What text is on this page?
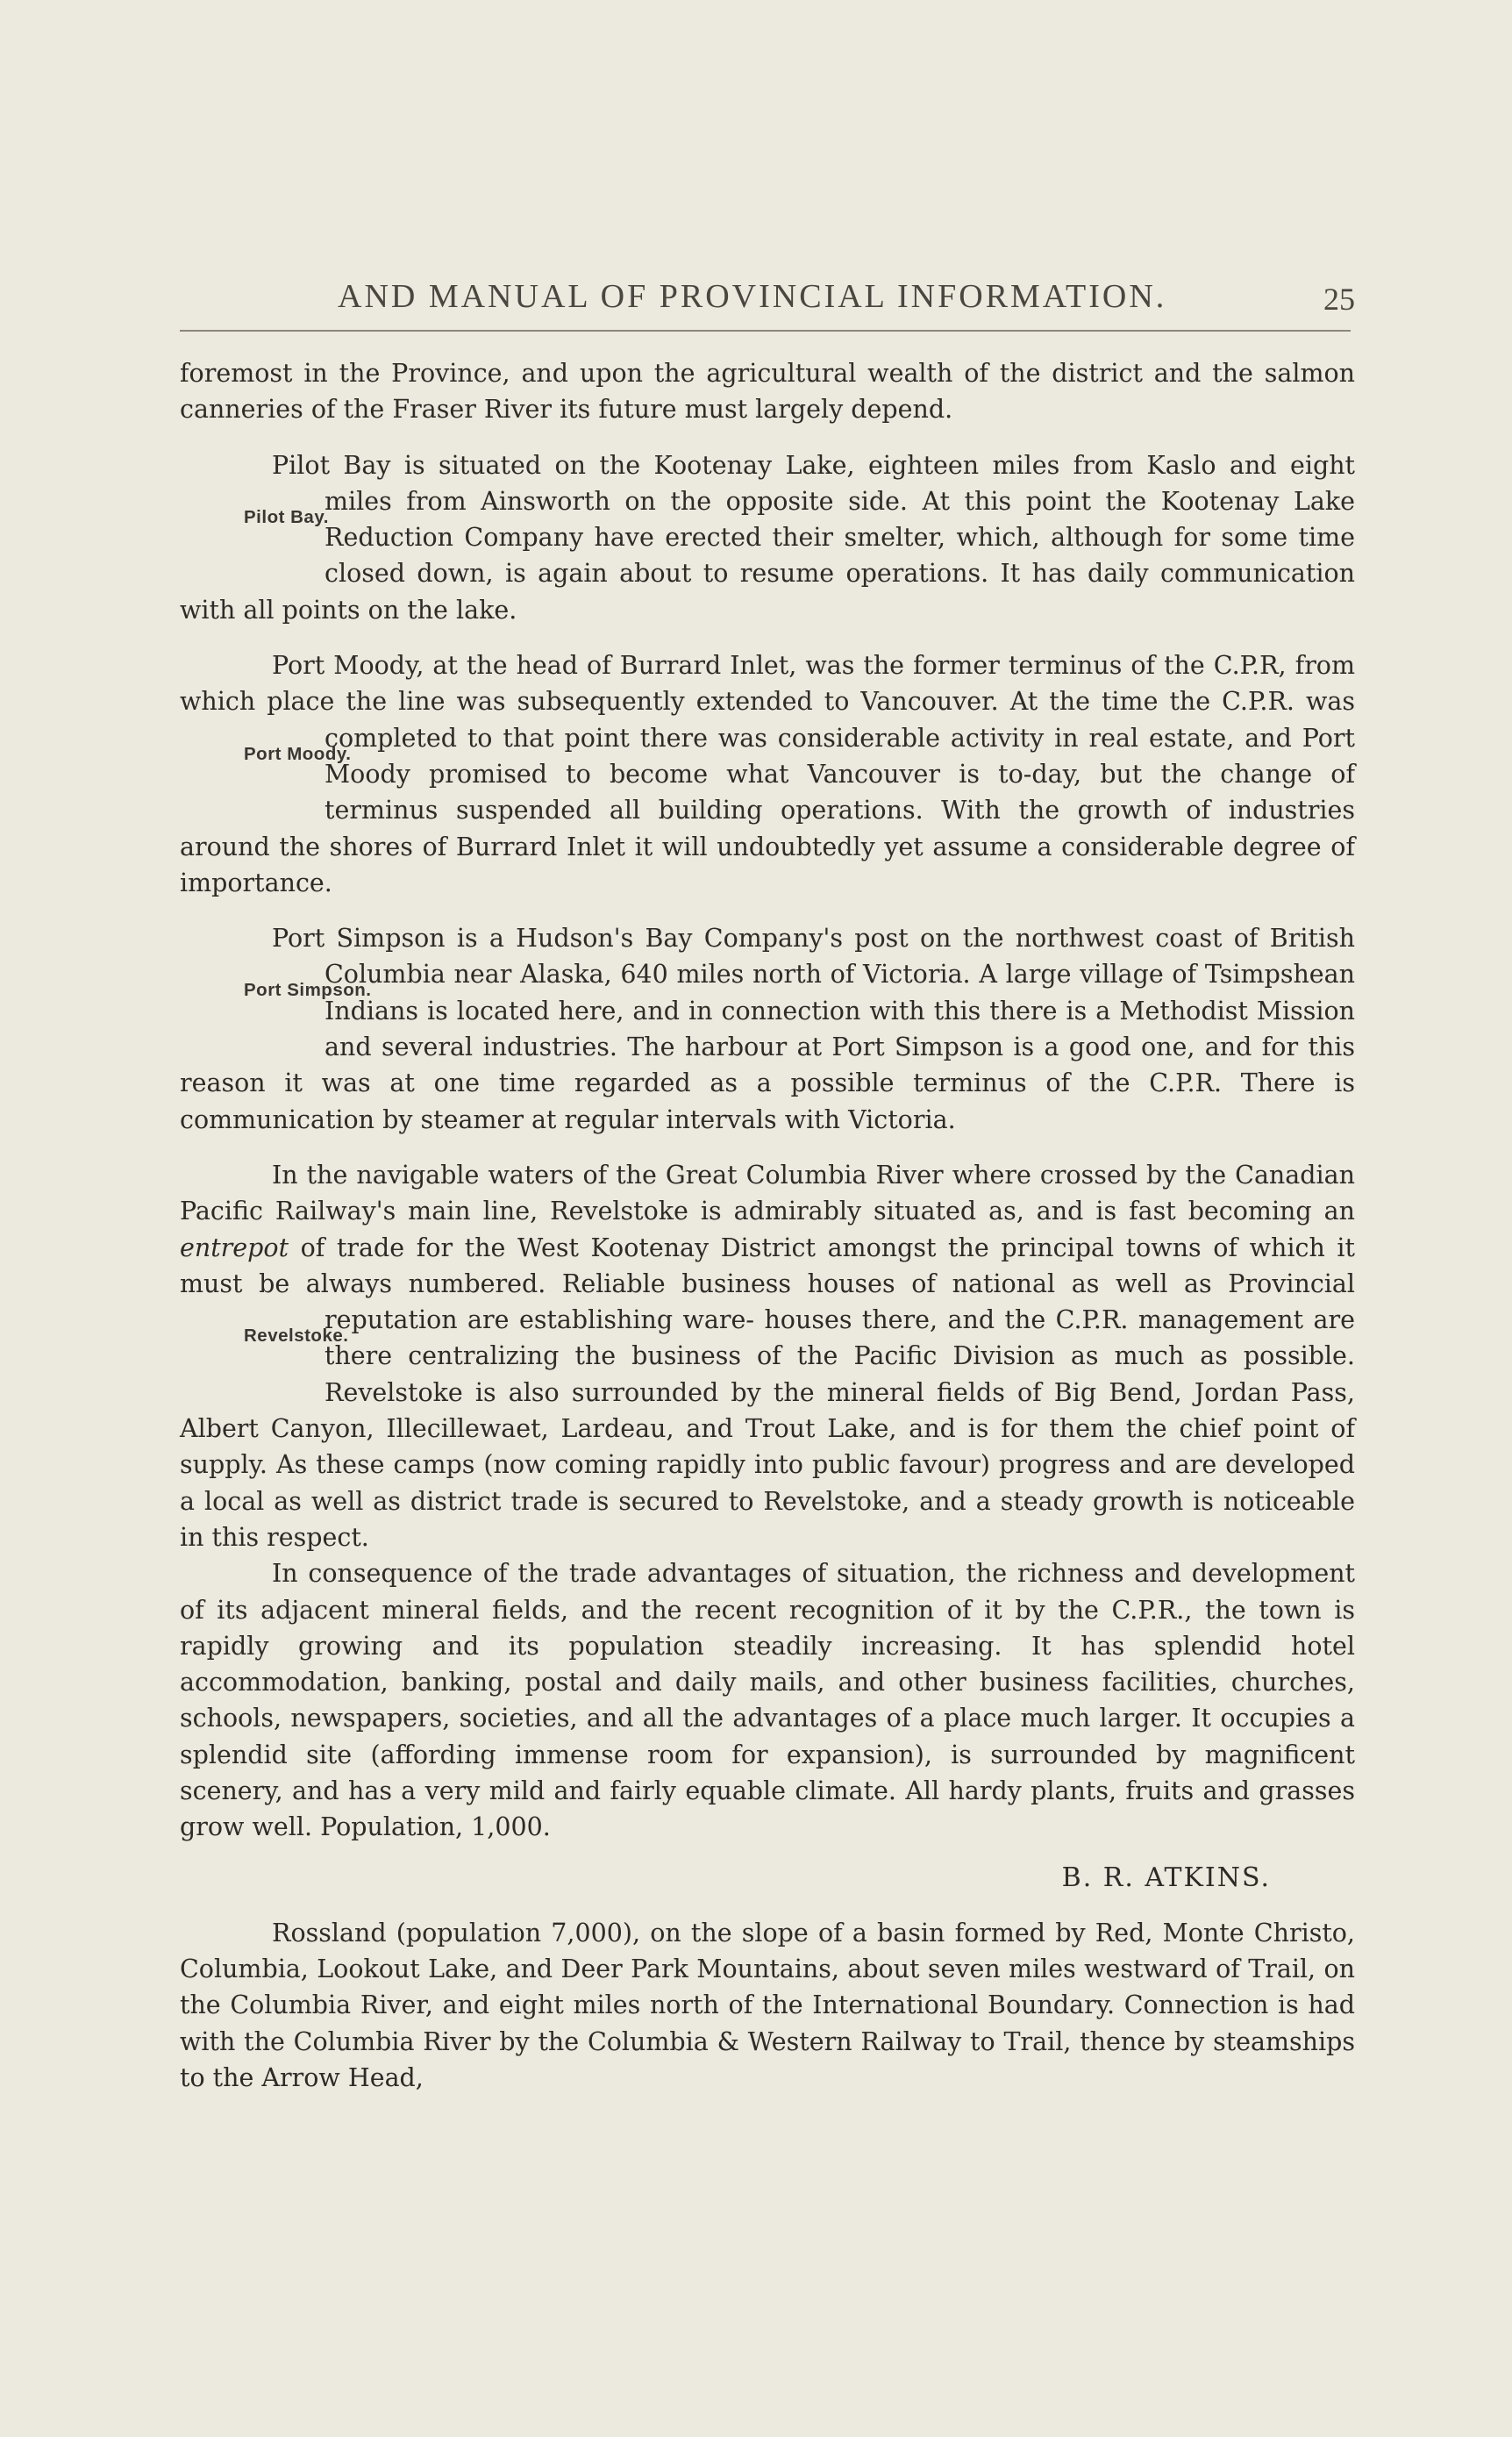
AND MANUAL OF PROVINCIAL INFORMATION.	25

foremost in the Province, and upon the agricultural wealth of the district and the salmon canneries of the Fraser River its future must largely depend.

Pilot Bay is situated on the Kootenay Lake, eighteen miles from Kaslo and eight miles from Ainsworth on the opposite side. At this point the Kootenay
Pilot Bay.
Lake Reduction Company have erected their smelter, which, although for some time closed down, is again about to resume operations. It has daily communication with all points on the lake.

Port Moody, at the head of Burrard Inlet, was the former terminus of the C.P.R, from which place the line was subsequently extended to Vancouver. At the time the C.P.R. was completed to that point there was considerable activity
Port Moody.
in real estate, and Port Moody promised to become what Vancouver is to-day, but the change of terminus suspended all building operations. With the growth of industries around the shores of Burrard Inlet it will undoubtedly yet assume a considerable degree of importance.

Port Simpson is a Hudson's Bay Company's post on the northwest coast of British Columbia near Alaska, 640 miles north of Victoria. A large village of
Port Simpson.
Tsimpshean Indians is located here, and in connection with this there is a Methodist Mission and several industries. The harbour at Port Simpson is a good one, and for this reason it was at one time regarded as a possible terminus of the C.P.R. There is communication by steamer at regular intervals with Victoria.

In the navigable waters of the Great Columbia River where crossed by the Canadian Pacific Railway's main line, Revelstoke is admirably situated as, and is fast becoming an entrepot of trade for the West Kootenay District amongst the principal towns of which it must be always numbered. Reliable business houses of national as well as Provincial reputation are establishing ware-
Revelstoke.
houses there, and the C.P.R. management are there centralizing the business of the Pacific Division as much as possible. Revelstoke is also surrounded by the mineral fields of Big Bend, Jordan Pass, Albert Canyon, Illecillewaet, Lardeau, and Trout Lake, and is for them the chief point of supply. As these camps (now coming rapidly into public favour) progress and are developed a local as well as district trade is secured to Revelstoke, and a steady growth is noticeable in this respect.

In consequence of the trade advantages of situation, the richness and development of its adjacent mineral fields, and the recent recognition of it by the C.P.R., the town is rapidly growing and its population steadily increasing. It has splendid hotel accommodation, banking, postal and daily mails, and other business facilities, churches, schools, newspapers, societies, and all the advantages of a place much larger. It occupies a splendid site (affording immense room for expansion), is surrounded by magnificent scenery, and has a very mild and fairly equable climate. All hardy plants, fruits and grasses grow well. Population, 1,000.

B. R. ATKINS.

Rossland (population 7,000), on the slope of a basin formed by Red, Monte Christo, Columbia, Lookout Lake, and Deer Park Mountains, about seven miles westward of Trail, on the Columbia River, and eight miles north of the International Boundary. Connection is had with the Columbia River by the Columbia & Western Railway to Trail, thence by steamships to the Arrow Head,
